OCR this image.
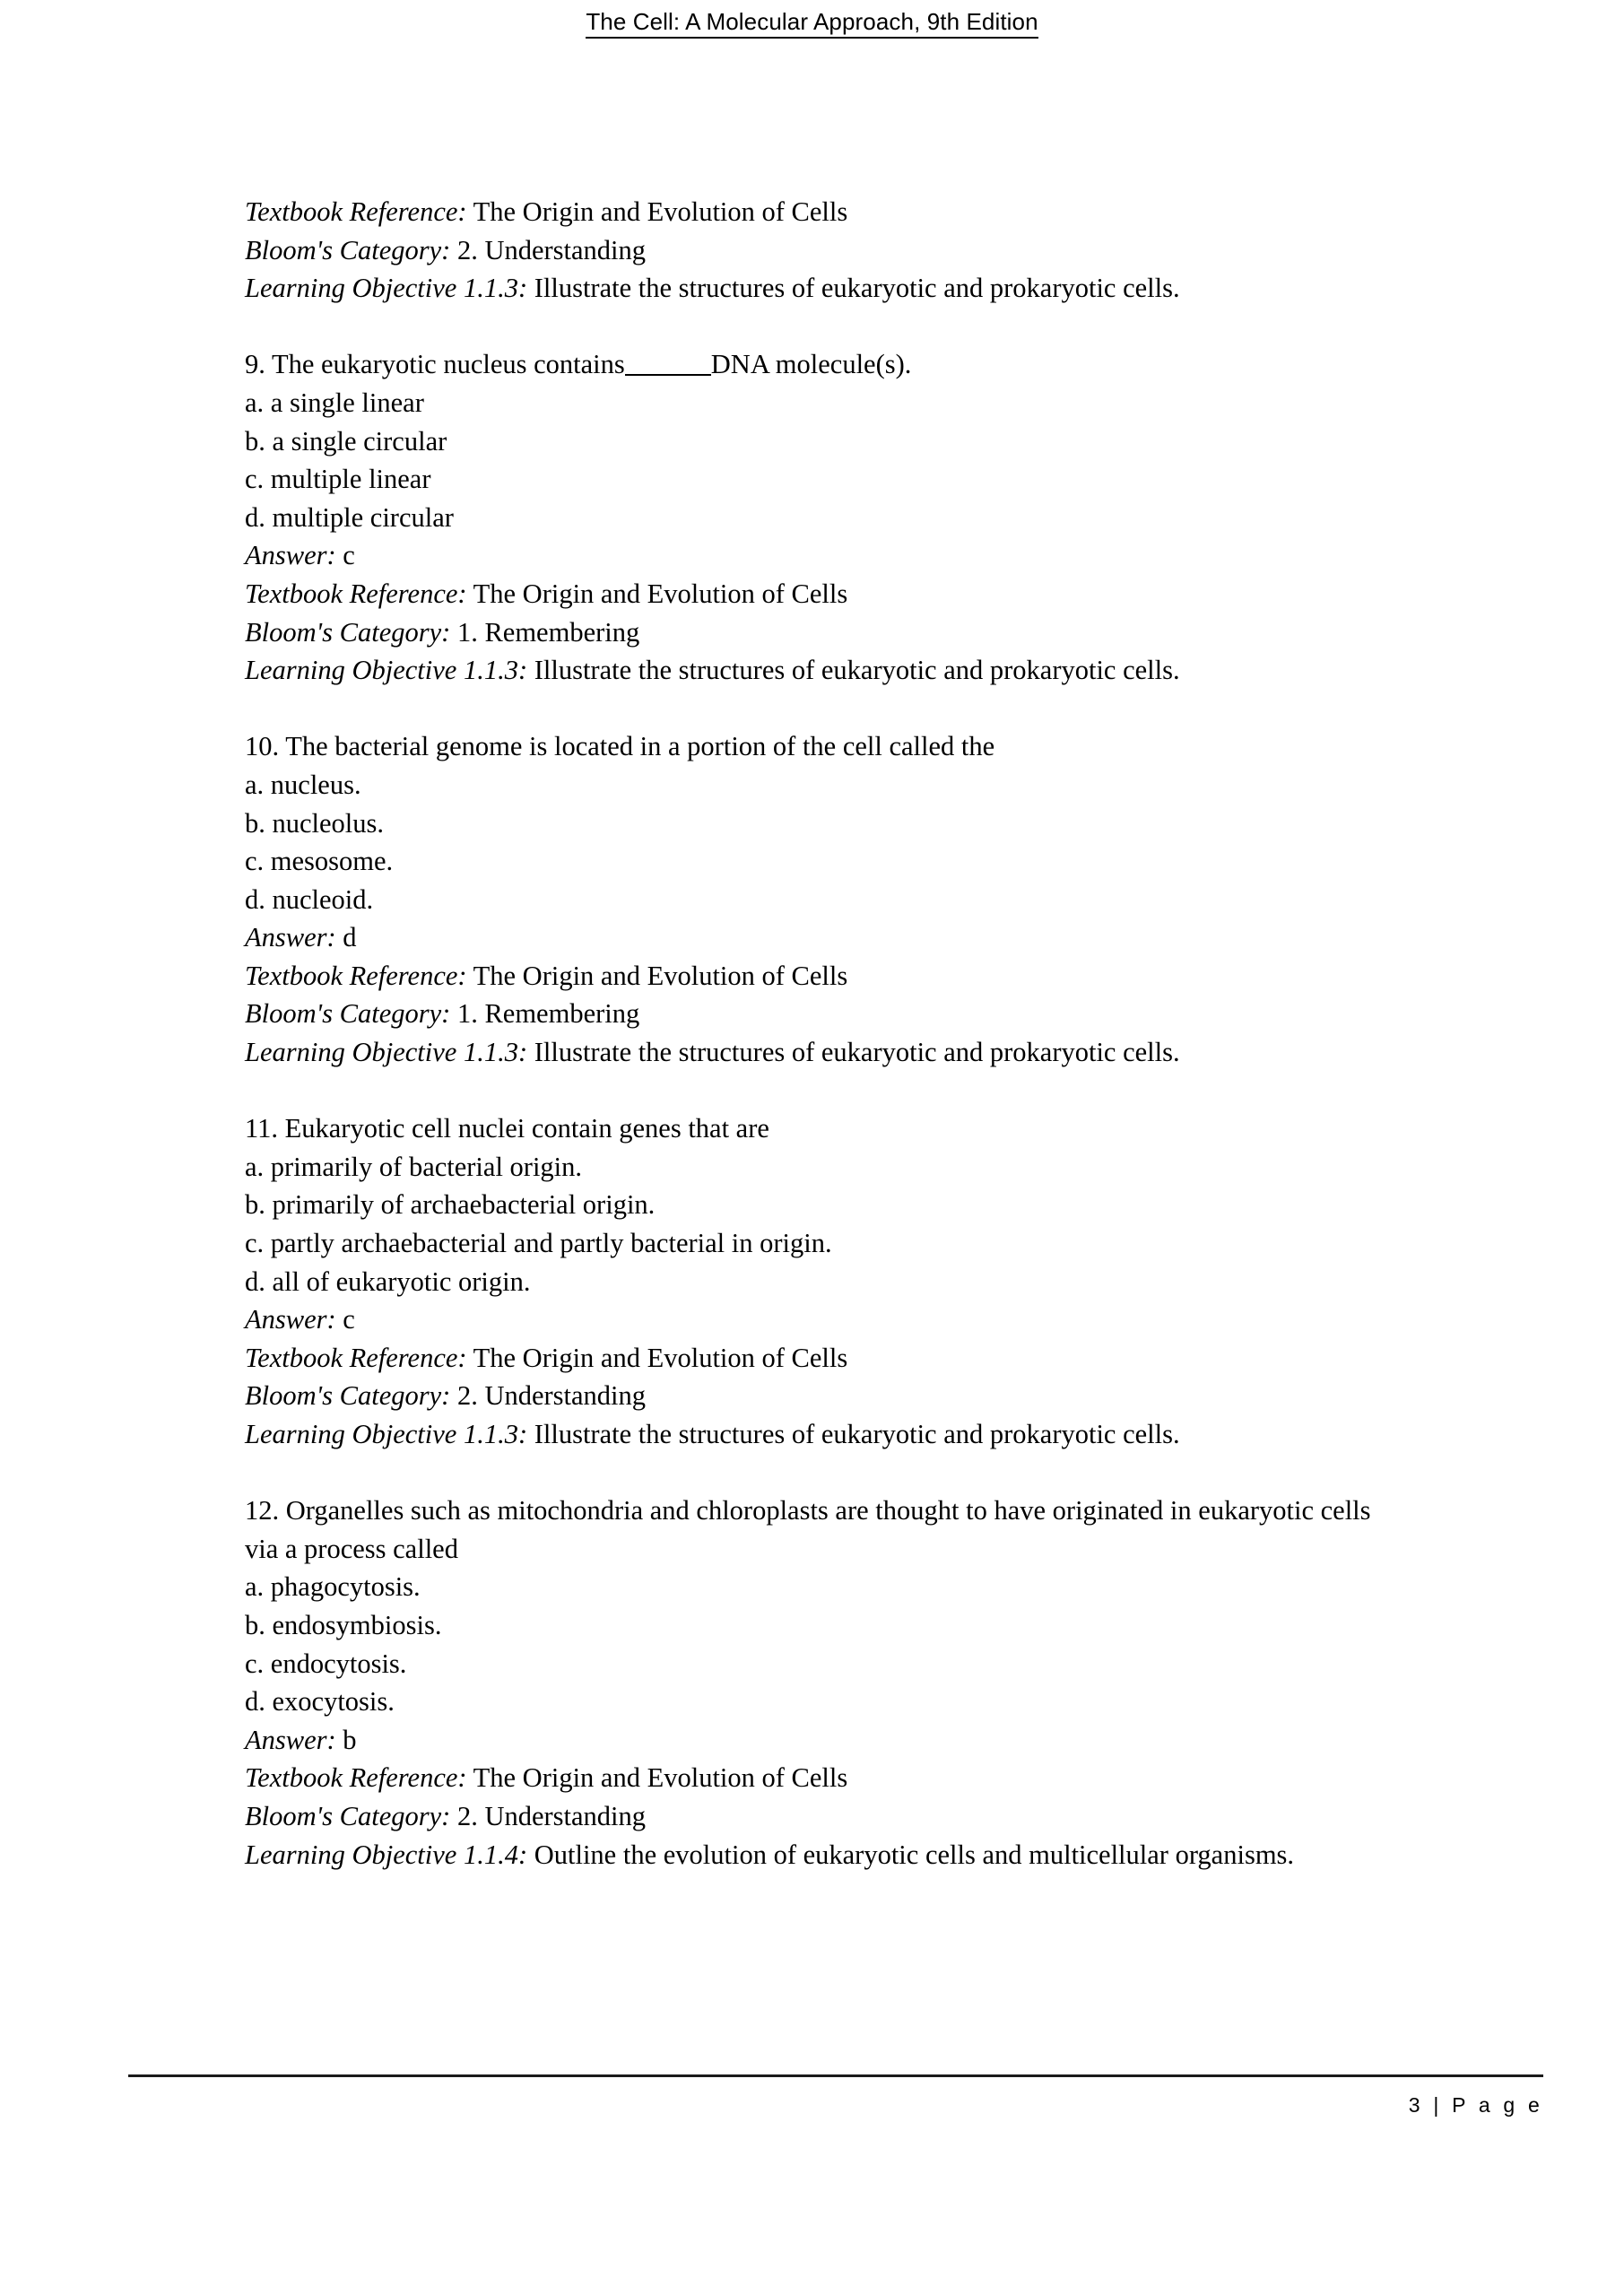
The Cell: A Molecular Approach, 9th Edition

Textbook Reference: The Origin and Evolution of Cells

Bloom's Category: 2. Understanding

Learning Objective 1.1.3: Illustrate the structures of eukaryotic and prokaryotic cells.

9. The eukaryotic nucleus contains	DNA molecule(s).

a. a single linear

b. a single circular

c. multiple linear

d. multiple circular

Answer: c

Textbook Reference: The Origin and Evolution of Cells

Bloom's Category: 1. Remembering

Learning Objective 1.1.3: Illustrate the structures of eukaryotic and prokaryotic cells.

10. The bacterial genome is located in a portion of the cell called the

a. nucleus.

b. nucleolus.

c. mesosome.

d. nucleoid.

Answer: d

Textbook Reference: The Origin and Evolution of Cells

Bloom's Category: 1. Remembering

Learning Objective 1.1.3: Illustrate the structures of eukaryotic and prokaryotic cells.

11. Eukaryotic cell nuclei contain genes that are

a. primarily of bacterial origin.

b. primarily of archaebacterial origin.

c. partly archaebacterial and partly bacterial in origin.

d. all of eukaryotic origin.

Answer: c

Textbook Reference: The Origin and Evolution of Cells

Bloom's Category: 2. Understanding

Learning Objective 1.1.3: Illustrate the structures of eukaryotic and prokaryotic cells.

12. Organelles such as mitochondria and chloroplasts are thought to have originated in eukaryotic cells via a process called

a. phagocytosis.

b. endosymbiosis.

c. endocytosis.

d. exocytosis.

Answer: b

Textbook Reference: The Origin and Evolution of Cells

Bloom's Category: 2. Understanding

Learning Objective 1.1.4: Outline the evolution of eukaryotic cells and multicellular organisms.

3 | P a g e
